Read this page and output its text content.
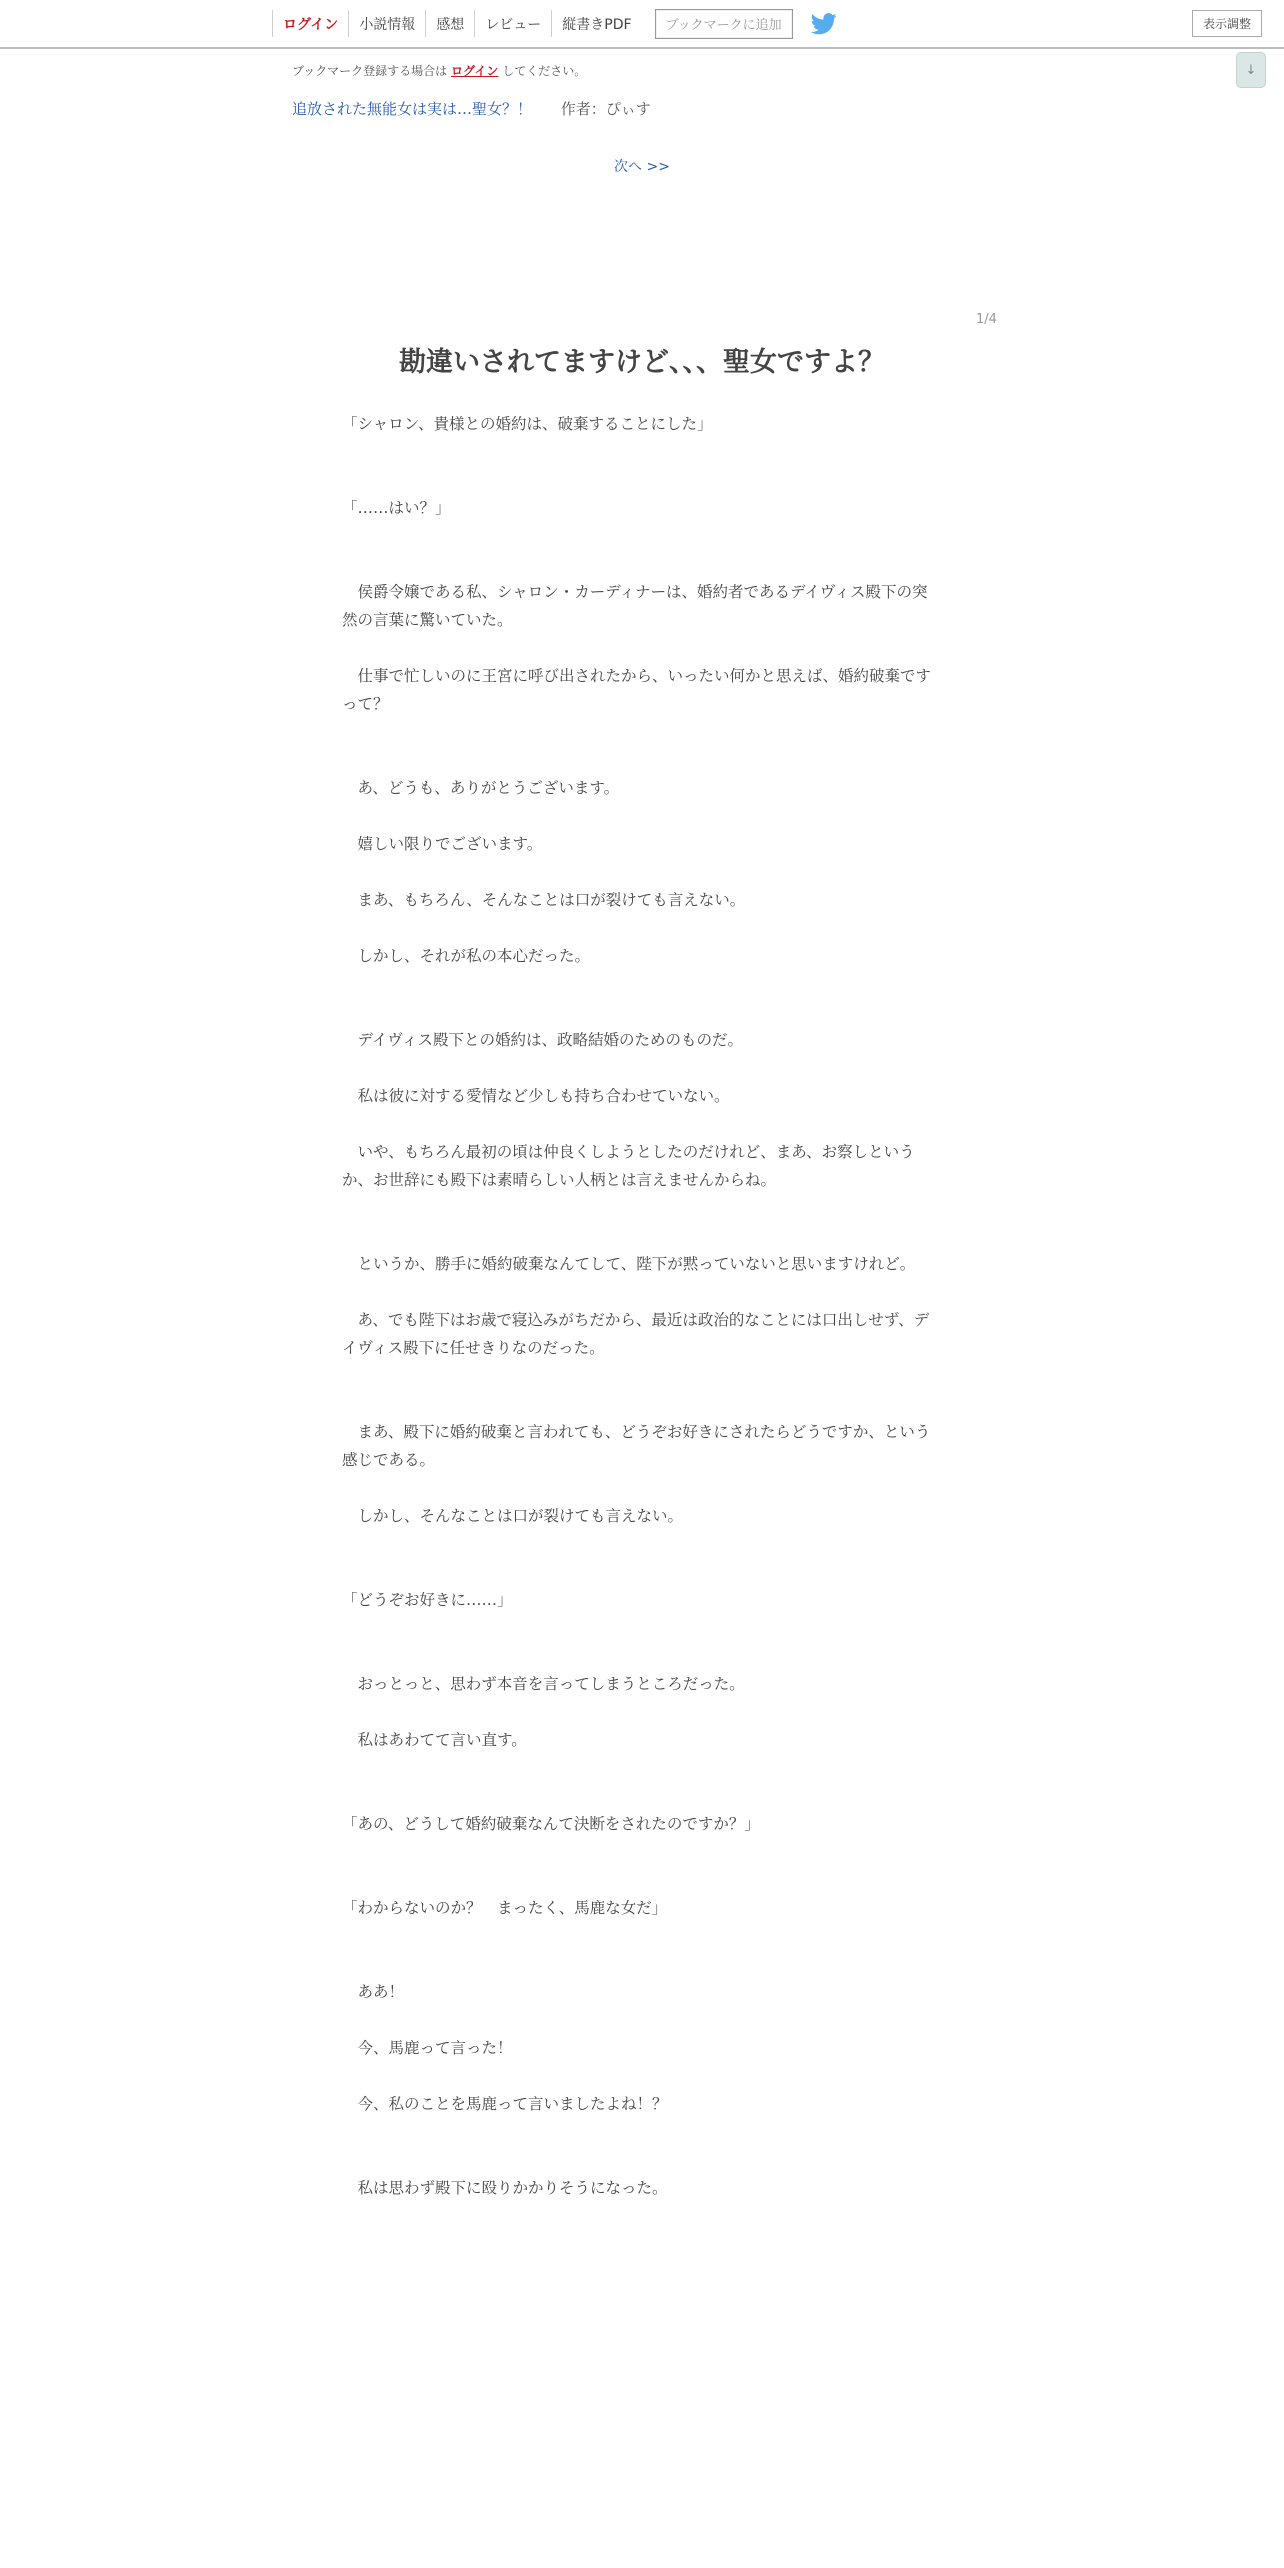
ログイン	小説情報	感想	レビュー	縦書きPDF	ブックマークに追加	表示調整
↓
ブックマーク登録する場合は ログイン してください。
追放された無能女は実は…聖女？！ 作者：ぴぃす
次へ >>
1/4
勘違いされてますけど、、、聖女ですよ？

「シャロン、貴様との婚約は、破棄することにした」

「……はい？」

　侯爵令嬢である私、シャロン・カーディナーは、婚約者であるデイヴィス殿下の突然の言葉に驚いていた。

　仕事で忙しいのに王宮に呼び出されたから、いったい何かと思えば、婚約破棄ですって？

　あ、どうも、ありがとうございます。

　嬉しい限りでございます。

　まあ、もちろん、そんなことは口が裂けても言えない。

　しかし、それが私の本心だった。

　デイヴィス殿下との婚約は、政略結婚のためのものだ。

　私は彼に対する愛情など少しも持ち合わせていない。

　いや、もちろん最初の頃は仲良くしようとしたのだけれど、まあ、お察しというか、お世辞にも殿下は素晴らしい人柄とは言えませんからね。

　というか、勝手に婚約破棄なんてして、陛下が黙っていないと思いますけれど。

　あ、でも陛下はお歳で寝込みがちだから、最近は政治的なことには口出しせず、デイヴィス殿下に任せきりなのだった。

　まあ、殿下に婚約破棄と言われても、どうぞお好きにされたらどうですか、という感じである。

　しかし、そんなことは口が裂けても言えない。

「どうぞお好きに……」

　おっとっと、思わず本音を言ってしまうところだった。

　私はあわてて言い直す。

「あの、どうして婚約破棄なんて決断をされたのですか？」

「わからないのか？　まったく、馬鹿な女だ」

　ああ！

　今、馬鹿って言った！

　今、私のことを馬鹿って言いましたよね！？

　私は思わず殿下に殴りかかりそうになった。
